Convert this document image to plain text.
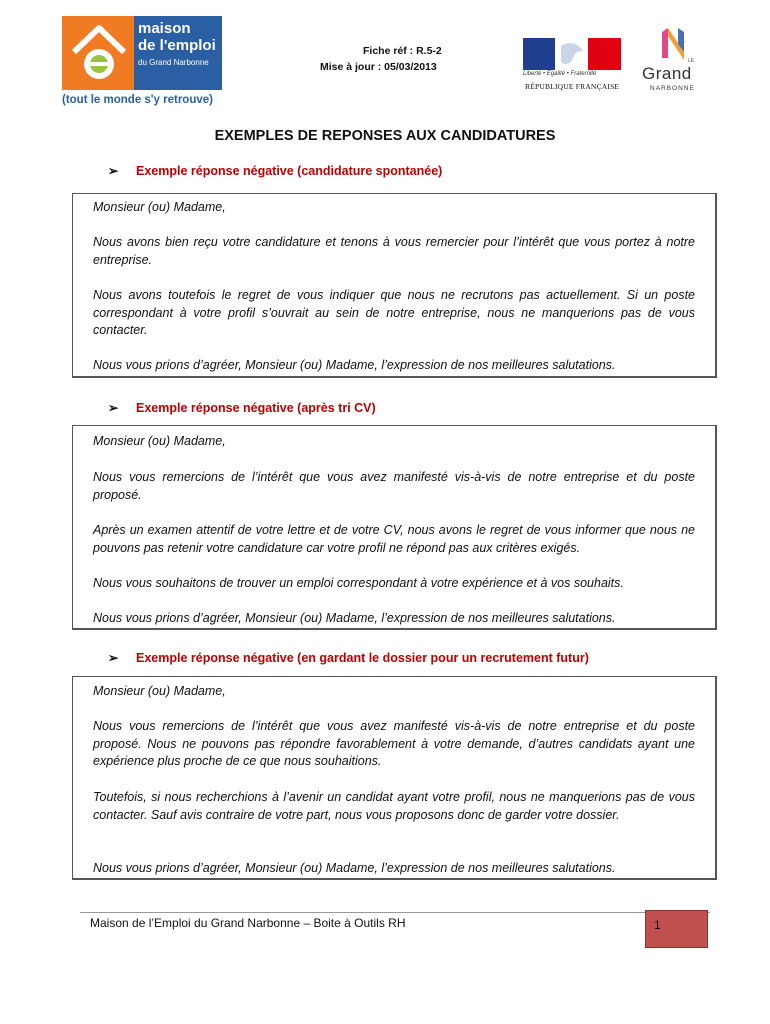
maison
de l'emploi
du Grand Narbonne
(tout le monde s'y retrouve)
Fiche réf : R.5-2
Mise à jour : 05/03/2013
Liberté • Égalité • Fraternité
RÉPUBLIQUE FRANÇAISE
LE
Grand
NARBONNE
EXEMPLES DE REPONSES AUX CANDIDATURES
➢ Exemple réponse négative (candidature spontanée)

Monsieur (ou) Madame,

Nous avons bien reçu votre candidature et tenons à vous remercier pour l’intérêt que vous portez à notre entreprise.

Nous avons toutefois le regret de vous indiquer que nous ne recrutons pas actuellement. Si un poste correspondant à votre profil s’ouvrait au sein de notre entreprise, nous ne manquerions pas de vous contacter.

Nous vous prions d’agréer, Monsieur (ou) Madame, l’expression de nos meilleures salutations.

➢ Exemple réponse négative (après tri CV)

Monsieur (ou) Madame,

Nous vous remercions de l’intérêt que vous avez manifesté vis-à-vis de notre entreprise et du poste proposé.

Après un examen attentif de votre lettre et de votre CV, nous avons le regret de vous informer que nous ne pouvons pas retenir votre candidature car votre profil ne répond pas aux critères exigés.

Nous vous souhaitons de trouver un emploi correspondant à votre expérience et à vos souhaits.

Nous vous prions d’agréer, Monsieur (ou) Madame, l’expression de nos meilleures salutations.

➢ Exemple réponse négative (en gardant le dossier pour un recrutement futur)

Monsieur (ou) Madame,

Nous vous remercions de l’intérêt que vous avez manifesté vis-à-vis de notre entreprise et du poste proposé. Nous ne pouvons pas répondre favorablement à votre demande, d’autres candidats ayant une expérience plus proche de ce que nous souhaitions.

Toutefois, si nous recherchions à l’avenir un candidat ayant votre profil, nous ne manquerions pas de vous contacter. Sauf avis contraire de votre part, nous vous proposons donc de garder votre dossier.

Nous vous prions d’agréer, Monsieur (ou) Madame, l’expression de nos meilleures salutations.

Maison de l’Emploi du Grand Narbonne – Boite à Outils RH	1
